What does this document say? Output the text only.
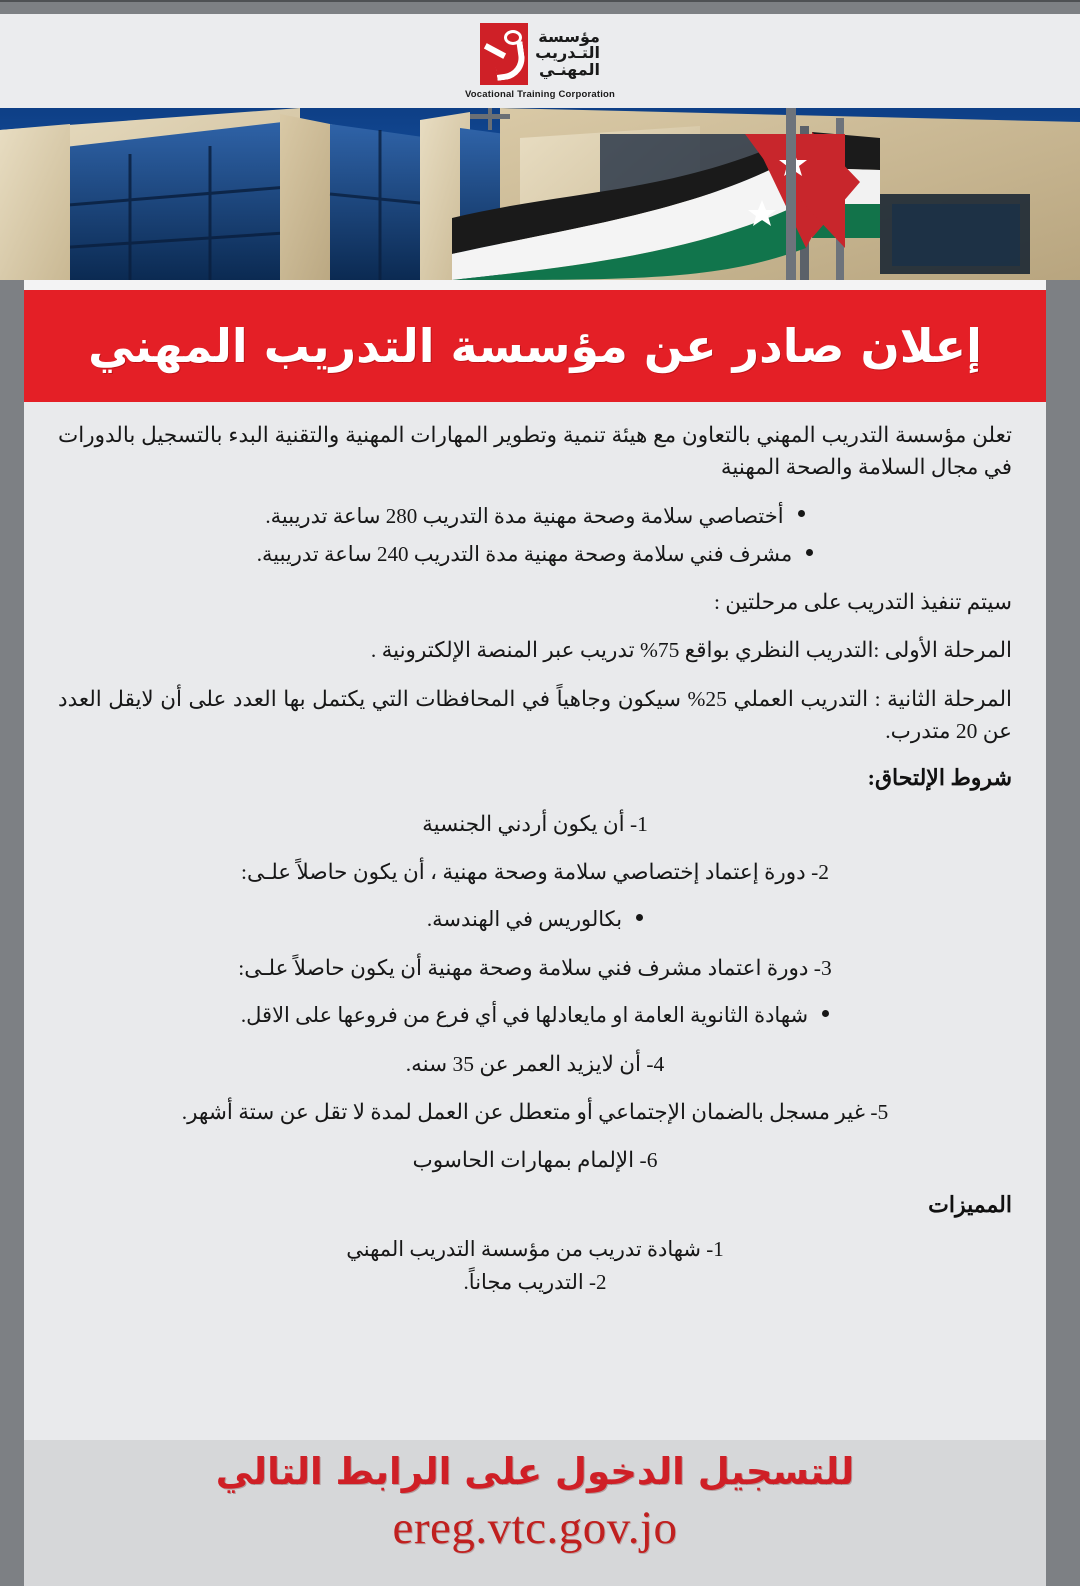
مؤسسة
التـدريب
المهنـي
Vocational Training Corporation
إعلان صادر عن مؤسسة التدريب المهني
تعلن مؤسسة التدريب المهني بالتعاون مع هيئة تنمية وتطوير المهارات المهنية والتقنية البدء بالتسجيل بالدورات في مجال السلامة والصحة المهنية
أختصاصي سلامة وصحة مهنية مدة التدريب 280 ساعة تدريبية.
مشرف فني سلامة وصحة مهنية مدة التدريب 240 ساعة تدريبية.
سيتم تنفيذ التدريب على مرحلتين :
المرحلة الأولى :التدريب النظري بواقع 75% تدريب عبر المنصة الإلكترونية .
المرحلة الثانية : التدريب العملي 25% سيكون وجاهياً في المحافظات التي يكتمل بها العدد على أن لايقل العدد عن 20 متدرب.
شروط الإلتحاق:
1- أن يكون أردني الجنسية
2- دورة إعتماد إختصاصي سلامة وصحة مهنية ، أن يكون حاصلاً علـى:
بكالوريس في الهندسة.
3- دورة اعتماد مشرف فني سلامة وصحة مهنية أن يكون حاصلاً علـى:
شهادة الثانوية العامة او مايعادلها في أي فرع من فروعها على الاقل.
4- أن لايزيد العمر عن 35 سنه.
5- غير مسجل بالضمان الإجتماعي أو متعطل عن العمل لمدة لا تقل عن ستة أشهر.
6- الإلمام بمهارات الحاسوب
المميزات
1- شهادة تدريب من مؤسسة التدريب المهني
2- التدريب مجاناً.
للتسجيل الدخول على الرابط التالي
ereg.vtc.gov.jo
